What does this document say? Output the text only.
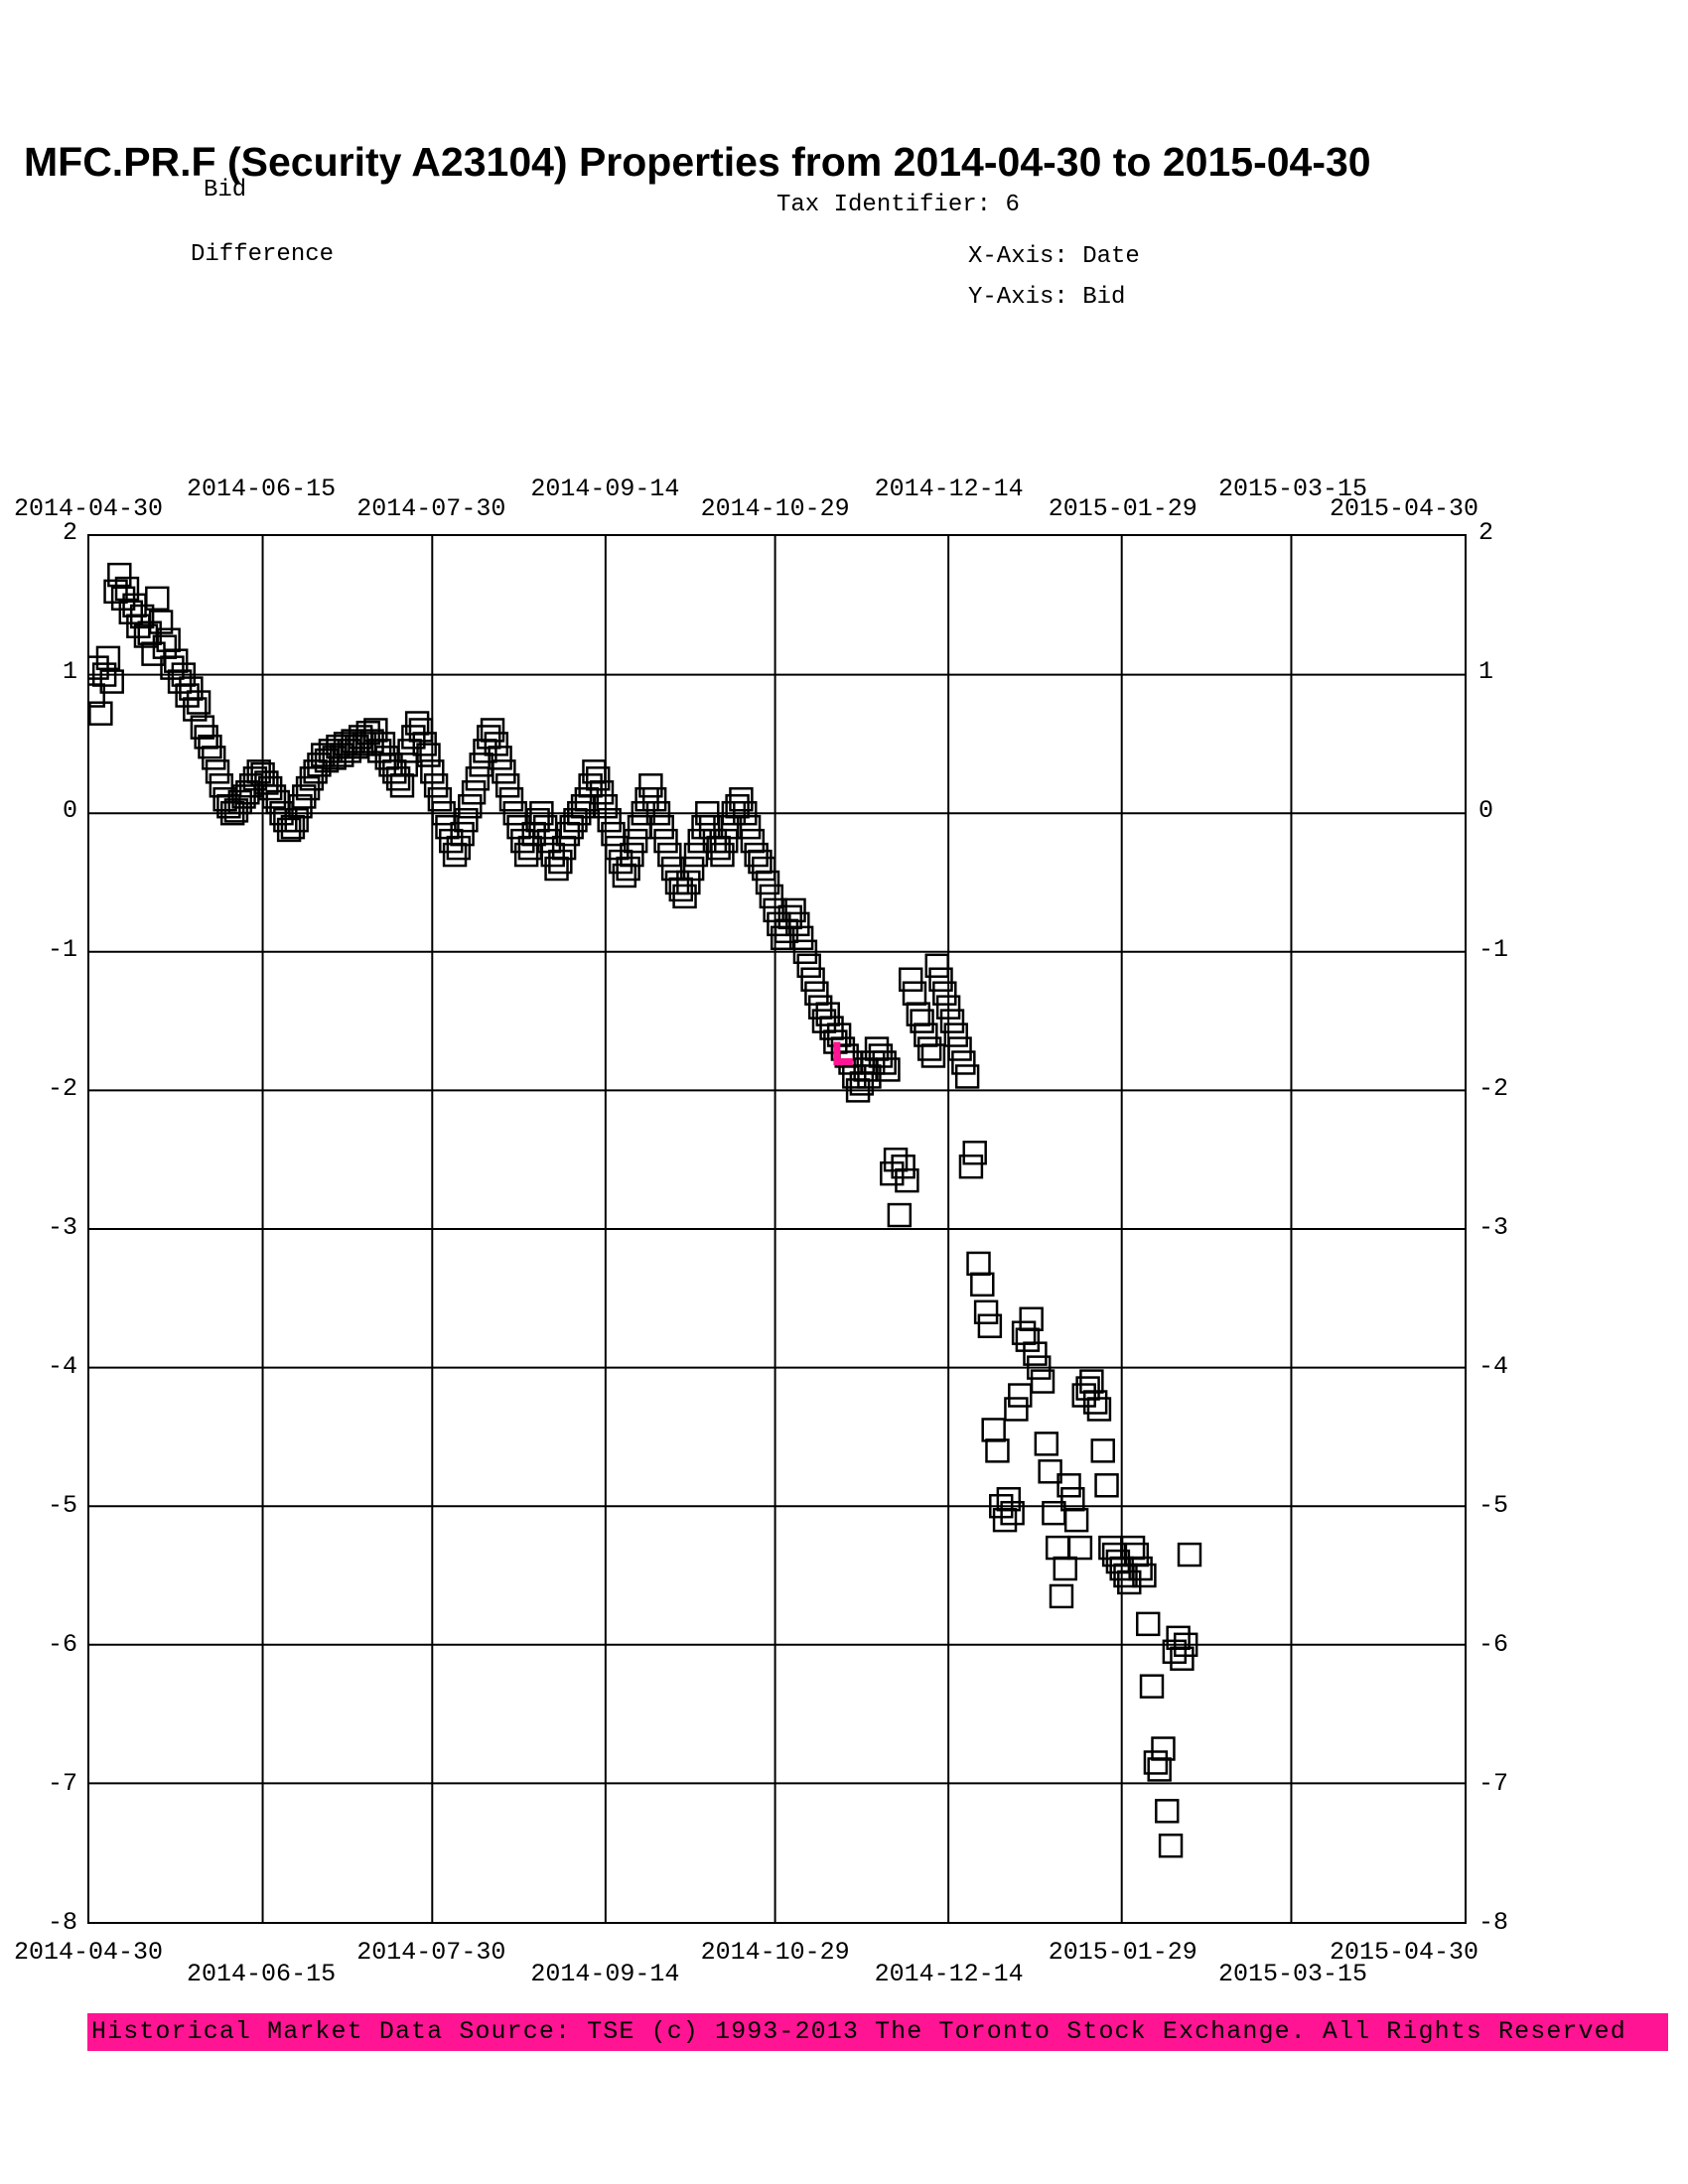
MFC.PR.F (Security A23104) Properties from 2014-04-30 to 2015-04-30
Bid
Difference
Tax Identifier: 6
X-Axis: Date
Y-Axis: Bid
2
1
0
-1
-2
-3
-4
-5
-6
-7
-8
2
1
0
-1
-2
-3
-4
-5
-6
-7
-8
2014-04-30
2014-06-15
2014-07-30
2014-09-14
2014-10-29
2014-12-14
2015-01-29
2015-03-15
2015-04-30
2014-04-30
2014-06-15
2014-07-30
2014-09-14
2014-10-29
2014-12-14
2015-01-29
2015-03-15
2015-04-30
Historical Market Data Source: TSE (c) 1993-2013 The Toronto Stock Exchange. All Rights Reserved
